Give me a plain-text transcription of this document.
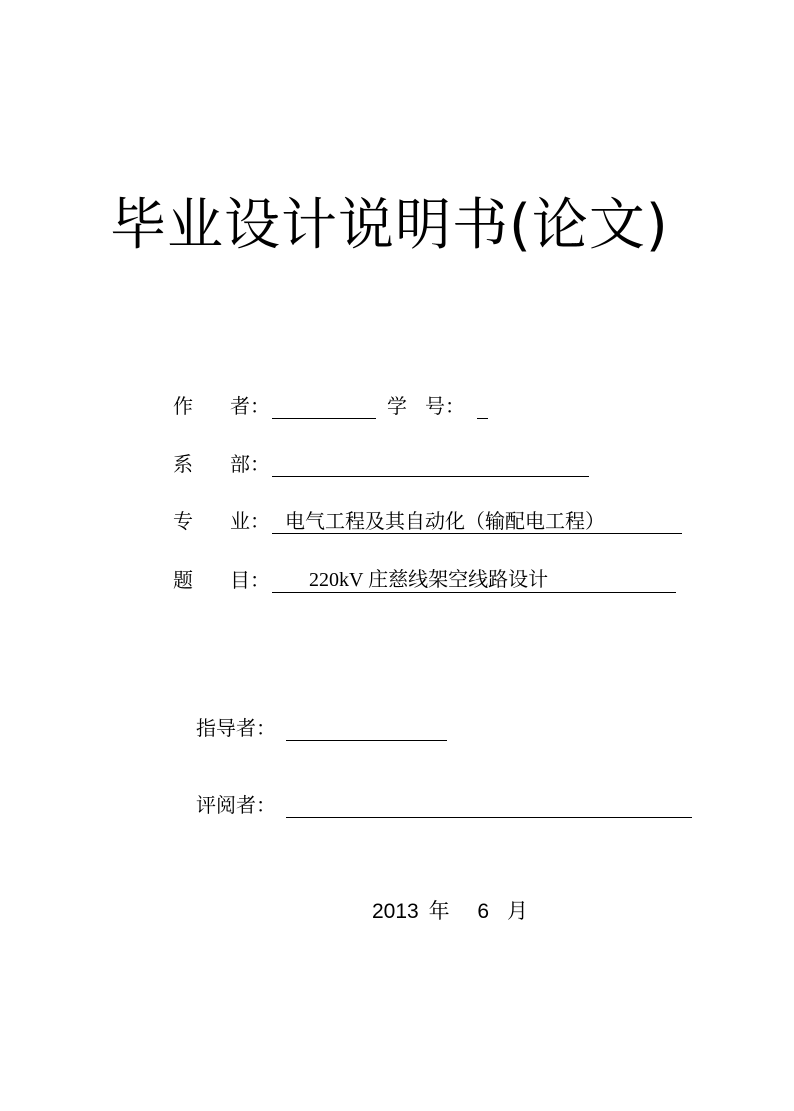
毕业设计说明书(论文)
作 者：	学 号：
系 部：
专 业： 电气工程及其自动化（输配电工程）
题 目： 220kV 庄慈线架空线路设计
指导者：
评阅者：
2013 年 6 月
